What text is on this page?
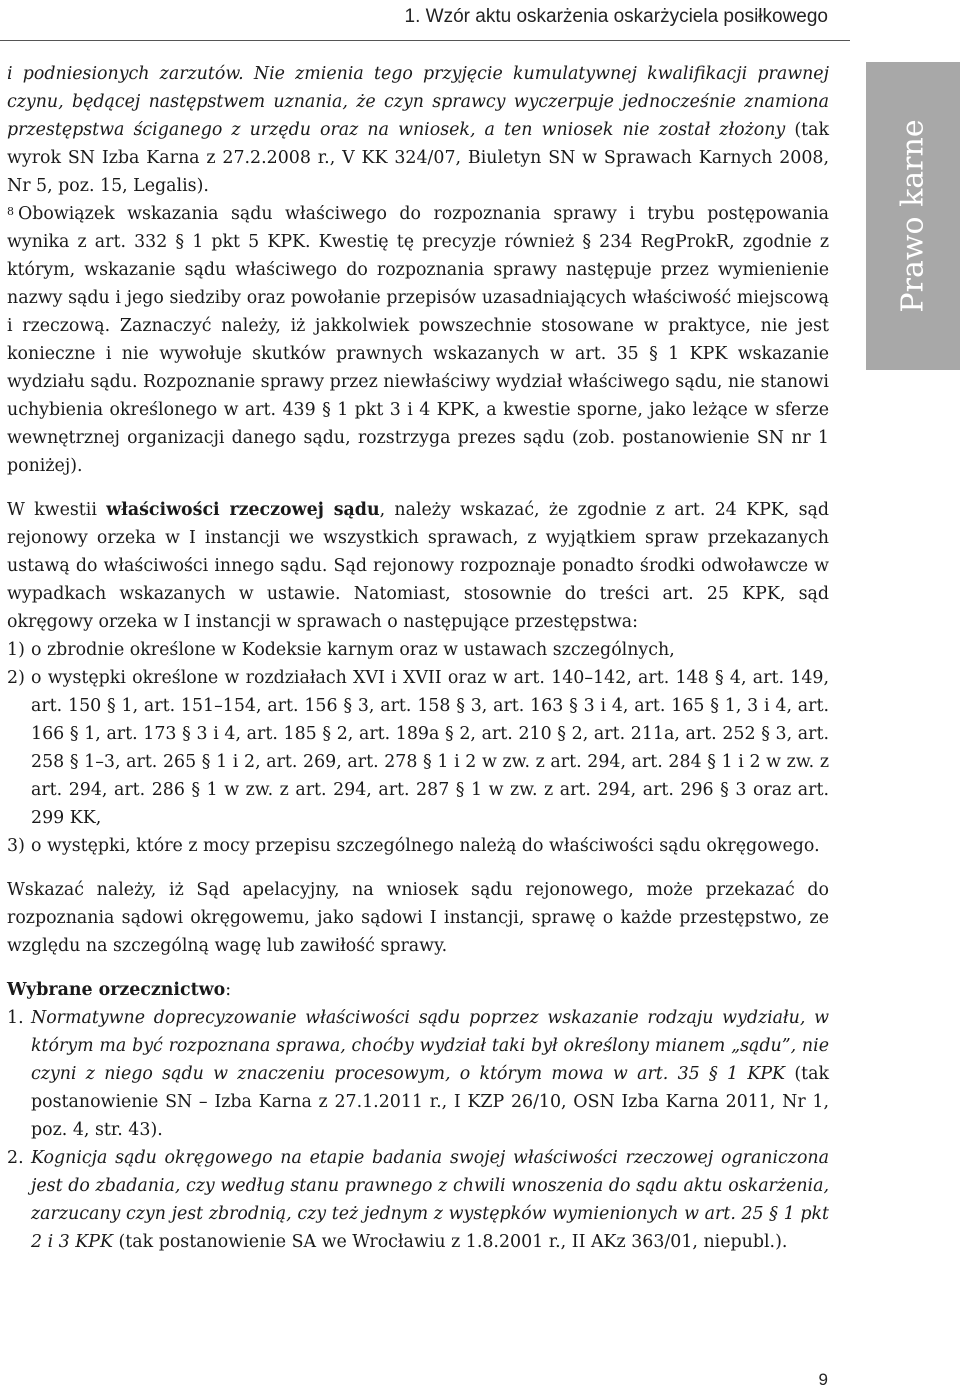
1. Wzór aktu oskarżenia oskarżyciela posiłkowego
Prawo karne

i podniesionych zarzutów. Nie zmienia tego przyjęcie kumulatywnej kwalifikacji prawnej czynu, będącej następstwem uznania, że czyn sprawcy wyczerpuje jednocześnie znamiona przestępstwa ściganego z urzędu oraz na wniosek, a ten wniosek nie został złożony (tak wyrok SN Izba Karna z 27.2.2008 r., V KK 324/07, Biuletyn SN w Sprawach Karnych 2008, Nr 5, poz. 15, Legalis).

$^8$ Obowiązek wskazania sądu właściwego do rozpoznania sprawy i trybu postępowania wynika z art. 332 § 1 pkt 5 KPK. Kwestię tę precyzje również § 234 RegProkR, zgodnie z którym, wskazanie sądu właściwego do rozpoznania sprawy następuje przez wymienienie nazwy sądu i jego siedziby oraz powołanie przepisów uzasadniających właściwość miejscową i rzeczową. Zaznaczyć należy, iż jakkolwiek powszechnie stosowane w praktyce, nie jest konieczne i nie wywołuje skutków prawnych wskazanych w art. 35 § 1 KPK wskazanie wydziału sądu. Rozpoznanie sprawy przez niewłaściwy wydział właściwego sądu, nie stanowi uchybienia określonego w art. 439 § 1 pkt 3 i 4 KPK, a kwestie sporne, jako leżące w sferze wewnętrznej organizacji danego sądu, rozstrzyga prezes sądu (zob. postanowienie SN nr 1 poniżej).

W kwestii właściwości rzeczowej sądu, należy wskazać, że zgodnie z art. 24 KPK, sąd rejonowy orzeka w I instancji we wszystkich sprawach, z wyjątkiem spraw przekazanych ustawą do właściwości innego sądu. Sąd rejonowy rozpoznaje ponadto środki odwoławcze w wypadkach wskazanych w ustawie. Natomiast, stosownie do treści art. 25 KPK, sąd okręgowy orzeka w I instancji w sprawach o następujące przestępstwa:

1) o zbrodnie określone w Kodeksie karnym oraz w ustawach szczególnych,
2) o występki określone w rozdziałach XVI i XVII oraz w art. 140–142, art. 148 § 4, art. 149, art. 150 § 1, art. 151–154, art. 156 § 3, art. 158 § 3, art. 163 § 3 i 4, art. 165 § 1, 3 i 4, art. 166 § 1, art. 173 § 3 i 4, art. 185 § 2, art. 189a § 2, art. 210 § 2, art. 211a, art. 252 § 3, art. 258 § 1–3, art. 265 § 1 i 2, art. 269, art. 278 § 1 i 2 w zw. z art. 294, art. 284 § 1 i 2 w zw. z art. 294, art. 286 § 1 w zw. z art. 294, art. 287 § 1 w zw. z art. 294, art. 296 § 3 oraz art. 299 KK,
3) o występki, które z mocy przepisu szczególnego należą do właściwości sądu okręgowego.

Wskazać należy, iż Sąd apelacyjny, na wniosek sądu rejonowego, może przekazać do rozpoznania sądowi okręgowemu, jako sądowi I instancji, sprawę o każde przestępstwo, ze względu na szczególną wagę lub zawiłość sprawy.

Wybrane orzecznictwo:

1. Normatywne doprecyzowanie właściwości sądu poprzez wskazanie rodzaju wydziału, w którym ma być rozpoznana sprawa, choćby wydział taki był określony mianem „sądu”, nie czyni z niego sądu w znaczeniu procesowym, o którym mowa w art. 35 § 1 KPK (tak postanowienie SN – Izba Karna z 27.1.2011 r., I KZP 26/10, OSN Izba Karna 2011, Nr 1, poz. 4, str. 43).
2. Kognicja sądu okręgowego na etapie badania swojej właściwości rzeczowej ograniczona jest do zbadania, czy według stanu prawnego z chwili wnoszenia do sądu aktu oskarżenia, zarzucany czyn jest zbrodnią, czy też jednym z występków wymienionych w art. 25 § 1 pkt 2 i 3 KPK (tak postanowienie SA we Wrocławiu z 1.8.2001 r., II AKz 363/01, niepubl.).
9
